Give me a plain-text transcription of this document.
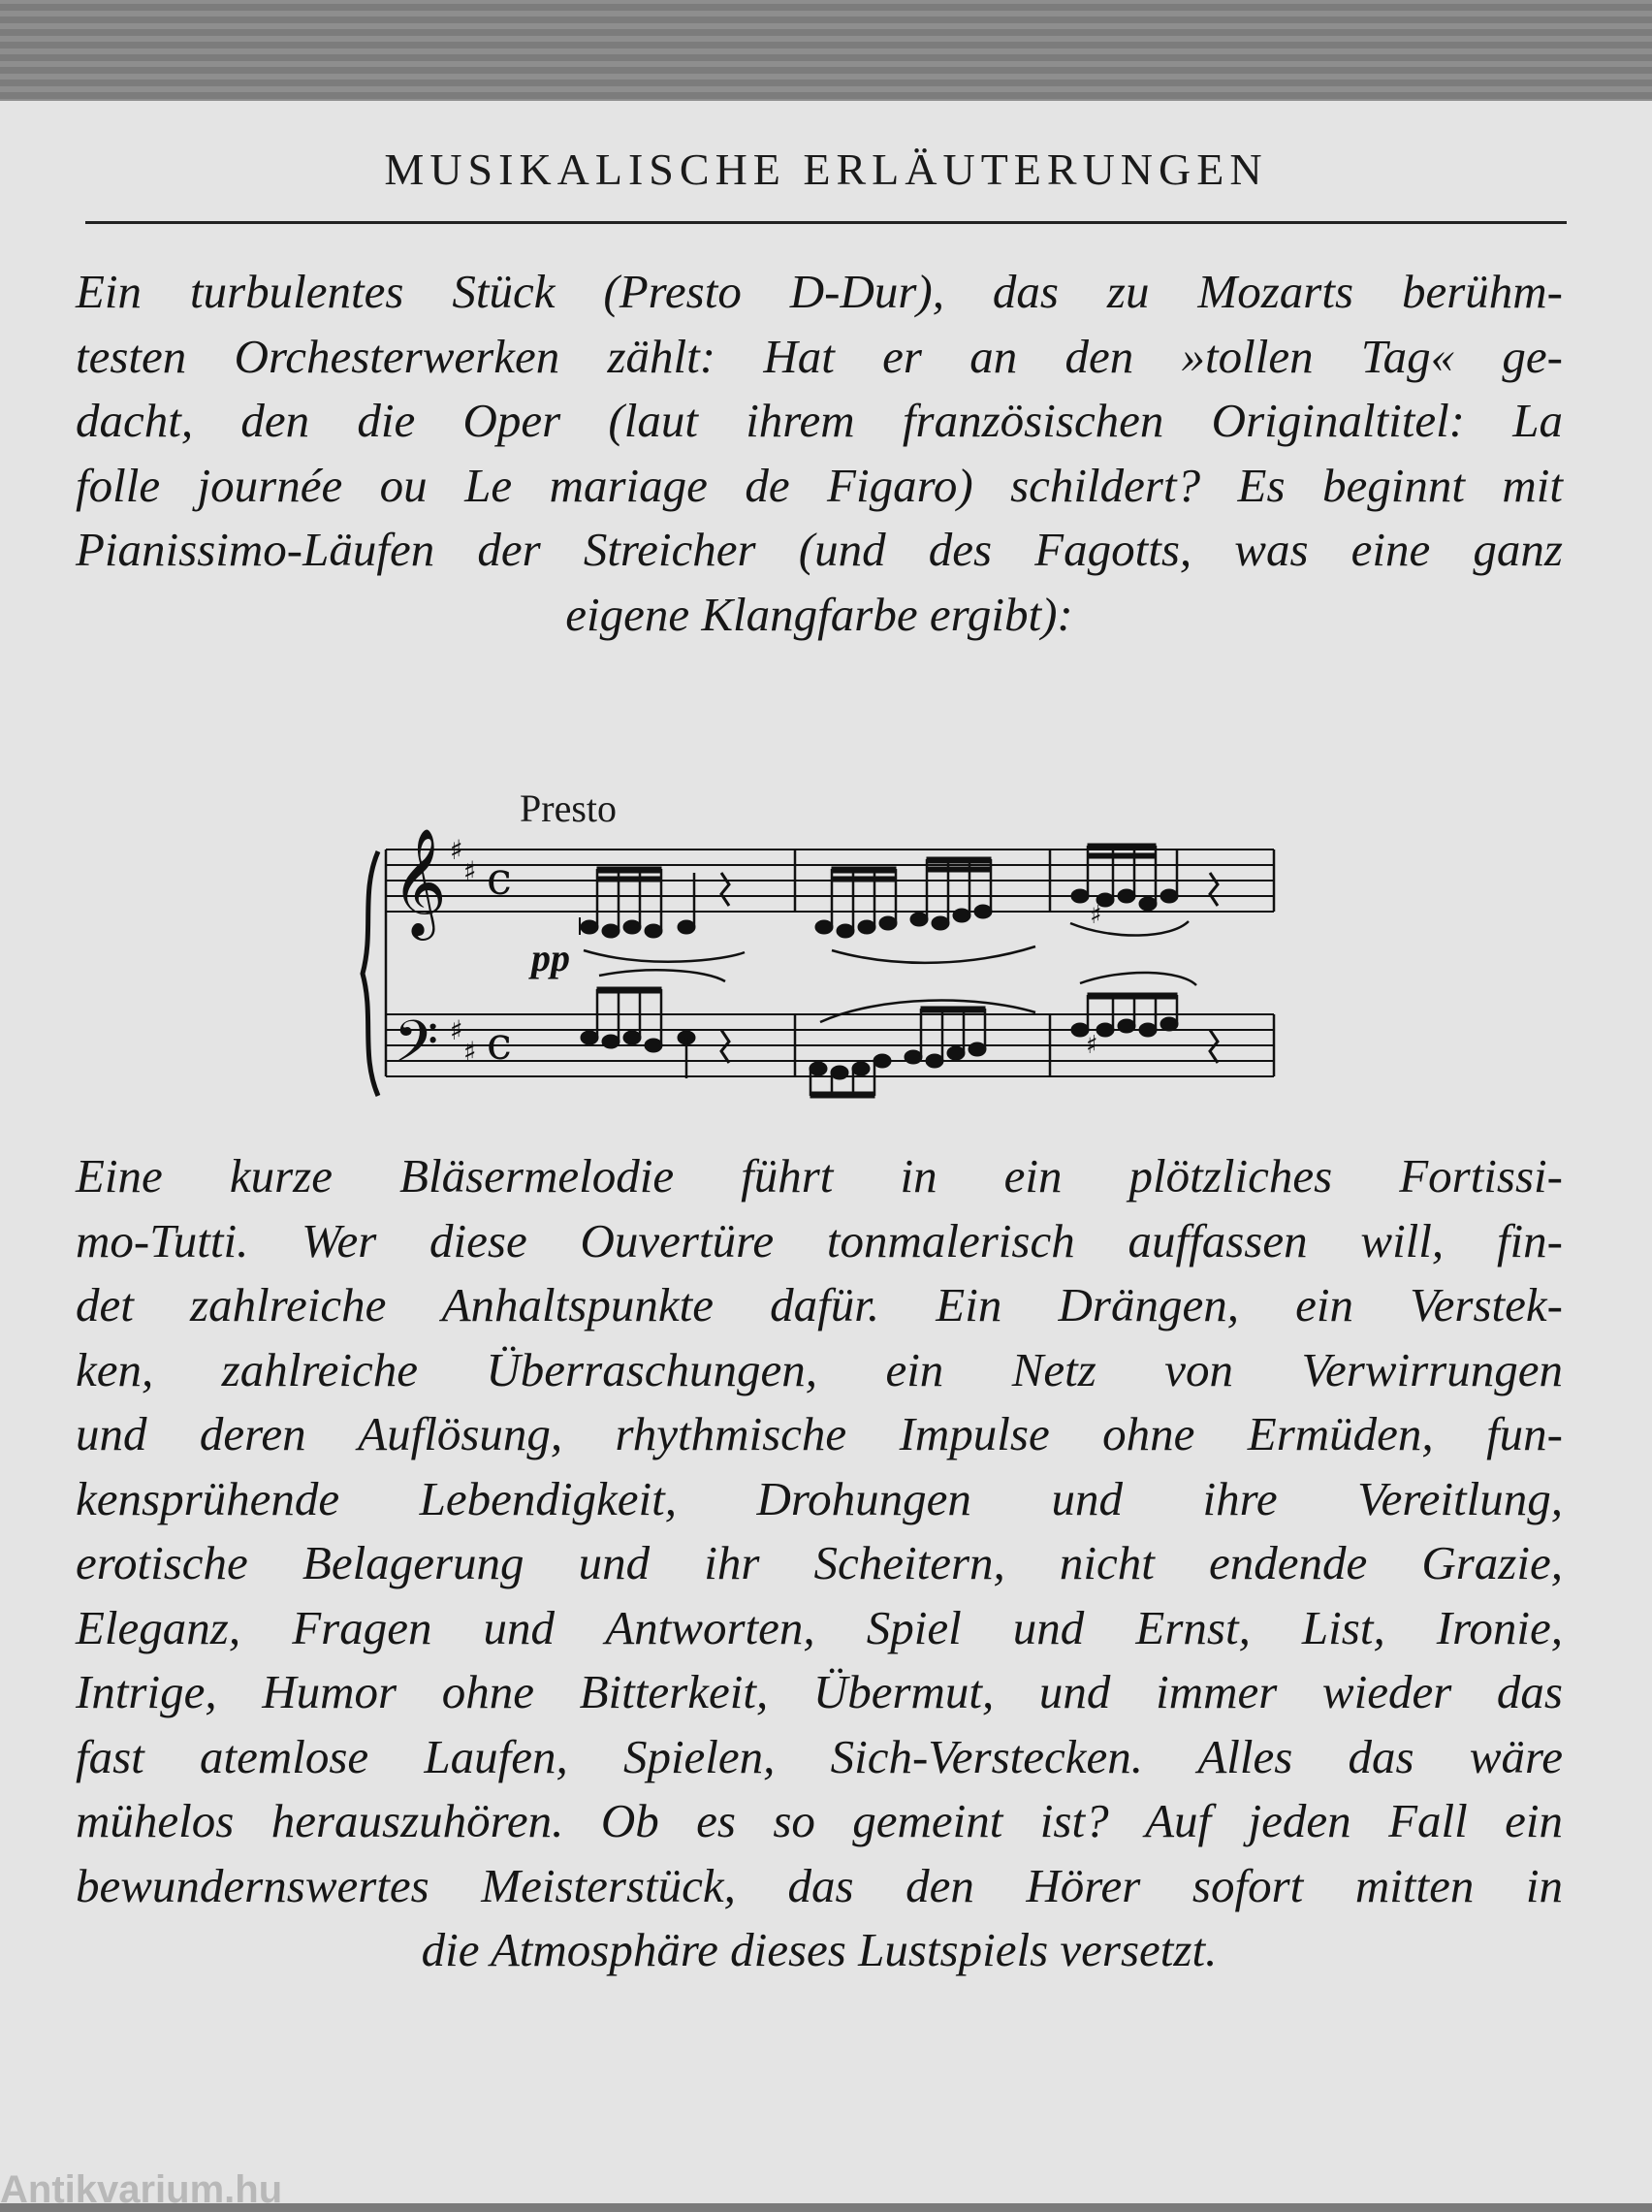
MUSIKALISCHE ERLÄUTERUNGEN
Ein turbulentes Stück (Presto D-Dur), das zu Mozarts berühm-
testen Orchesterwerken zählt: Hat er an den »tollen Tag« ge-
dacht, den die Oper (laut ihrem französischen Originaltitel: La
folle journée ou Le mariage de Figaro) schildert? Es beginnt mit
Pianissimo-Läufen der Streicher (und des Fagotts, was eine ganz
eigene Klangfarbe ergibt):
Presto
𝄞
𝄢
♯
♯
♯
♯
c
c
♯
♯
pp
Eine kurze Bläsermelodie führt in ein plötzliches Fortissi-
mo-Tutti. Wer diese Ouvertüre tonmalerisch auffassen will, fin-
det zahlreiche Anhaltspunkte dafür. Ein Drängen, ein Verstek-
ken, zahlreiche Überraschungen, ein Netz von Verwirrungen
und deren Auflösung, rhythmische Impulse ohne Ermüden, fun-
kensprühende Lebendigkeit, Drohungen und ihre Vereitlung,
erotische Belagerung und ihr Scheitern, nicht endende Grazie,
Eleganz, Fragen und Antworten, Spiel und Ernst, List, Ironie,
Intrige, Humor ohne Bitterkeit, Übermut, und immer wieder das
fast atemlose Laufen, Spielen, Sich-Verstecken. Alles das wäre
mühelos herauszuhören. Ob es so gemeint ist? Auf jeden Fall ein
bewundernswertes Meisterstück, das den Hörer sofort mitten in
die Atmosphäre dieses Lustspiels versetzt.
Antikvarium.hu
